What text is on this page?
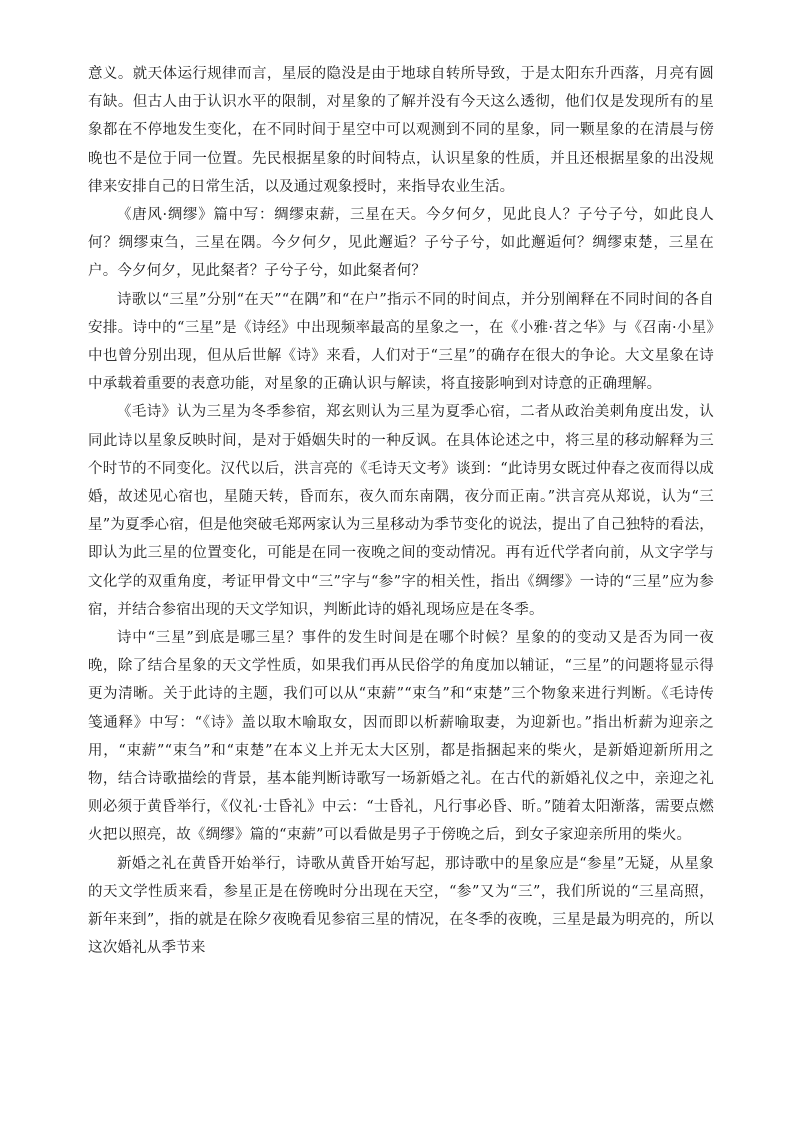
意义。就天体运行规律而言，星辰的隐没是由于地球自转所导致，于是太阳东升西落，月亮有圆有缺。但古人由于认识水平的限制，对星象的了解并没有今天这么透彻，他们仅是发现所有的星象都在不停地发生变化，在不同时间于星空中可以观测到不同的星象，同一颗星象的在清晨与傍晚也不是位于同一位置。先民根据星象的时间特点，认识星象的性质，并且还根据星象的出没规律来安排自己的日常生活，以及通过观象授时，来指导农业生活。

《唐风·绸缪》篇中写：绸缪束薪，三星在天。今夕何夕，见此良人？子兮子兮，如此良人何？绸缪束刍，三星在隅。今夕何夕，见此邂逅？子兮子兮，如此邂逅何？绸缪束楚，三星在户。今夕何夕，见此粲者？子兮子兮，如此粲者何？

诗歌以“三星”分别“在天”“在隅”和“在户”指示不同的时间点，并分别阐释在不同时间的各自安排。诗中的“三星”是《诗经》中出现频率最高的星象之一，在《小雅·苕之华》与《召南·小星》中也曾分别出现，但从后世解《诗》来看，人们对于“三星”的确存在很大的争论。大文星象在诗中承载着重要的表意功能，对星象的正确认识与解读，将直接影响到对诗意的正确理解。

《毛诗》认为三星为冬季参宿，郑玄则认为三星为夏季心宿，二者从政治美刺角度出发，认同此诗以星象反映时间，是对于婚姻失时的一种反讽。在具体论述之中，将三星的移动解释为三个时节的不同变化。汉代以后，洪言亮的《毛诗天文考》谈到：“此诗男女既过仲春之夜而得以成婚，故述见心宿也，星随天转，昏而东，夜久而东南隅，夜分而正南。”洪言亮从郑说，认为“三星”为夏季心宿，但是他突破毛郑两家认为三星移动为季节变化的说法，提出了自己独特的看法，即认为此三星的位置变化，可能是在同一夜晚之间的变动情况。再有近代学者向前，从文字学与文化学的双重角度，考证甲骨文中“三”字与“参”字的相关性，指出《绸缪》一诗的“三星”应为参宿，并结合参宿出现的天文学知识，判断此诗的婚礼现场应是在冬季。

诗中“三星”到底是哪三星？事件的发生时间是在哪个时候？星象的的变动又是否为同一夜晚，除了结合星象的天文学性质，如果我们再从民俗学的角度加以辅证，“三星”的问题将显示得更为清晰。关于此诗的主题，我们可以从“束薪”“束刍”和“束楚”三个物象来进行判断。《毛诗传笺通释》中写：“《诗》盖以取木喻取女，因而即以析薪喻取妻，为迎新也。”指出析薪为迎亲之用，“束薪”“束刍”和“束楚”在本义上并无太大区别，都是指捆起来的柴火，是新婚迎新所用之物，结合诗歌描绘的背景，基本能判断诗歌写一场新婚之礼。在古代的新婚礼仪之中，亲迎之礼则必须于黄昏举行，《仪礼·士昏礼》中云：“士昏礼，凡行事必昏、昕。”随着太阳渐落，需要点燃火把以照亮，故《绸缪》篇的“束薪”可以看做是男子于傍晚之后，到女子家迎亲所用的柴火。

新婚之礼在黄昏开始举行，诗歌从黄昏开始写起，那诗歌中的星象应是“参星”无疑，从星象的天文学性质来看，参星正是在傍晚时分出现在天空，“参”又为“三”，我们所说的“三星高照，新年来到”，指的就是在除夕夜晚看见参宿三星的情况，在冬季的夜晚，三星是最为明亮的，所以这次婚礼从季节来
